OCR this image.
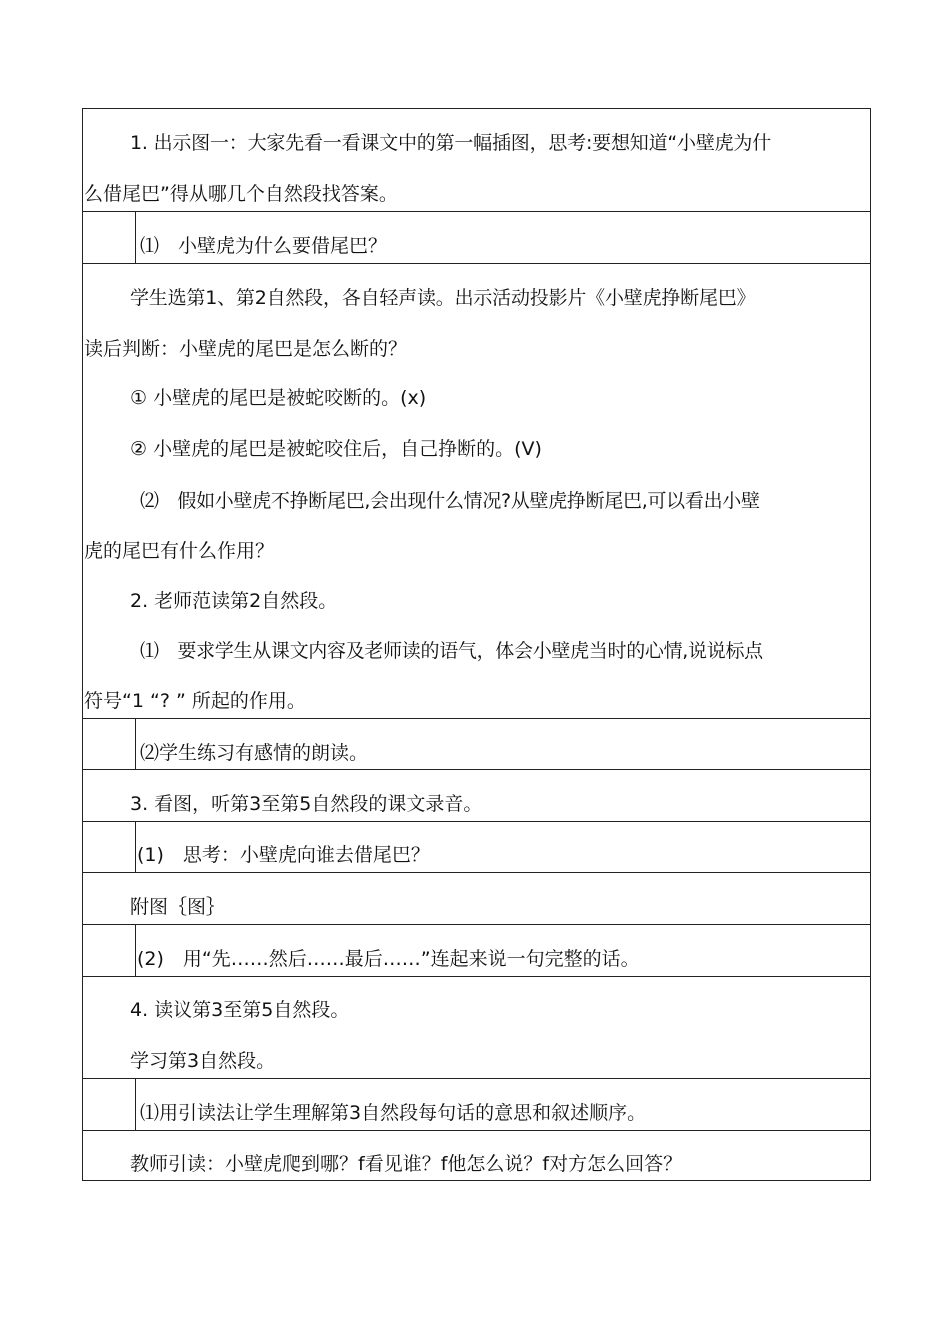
1. 出示图一：大家先看一看课文中的第一幅插图，思考:要想知道“小壁虎为什
么借尾巴”得从哪几个自然段找答案。
⑴　小壁虎为什么要借尾巴？
学生选第1、第2自然段，各自轻声读。出示活动投影片《小壁虎挣断尾巴》
读后判断：小壁虎的尾巴是怎么断的？
① 小壁虎的尾巴是被蛇咬断的。(x)
② 小壁虎的尾巴是被蛇咬住后，自己挣断的。(V)
⑵　假如小壁虎不挣断尾巴,会出现什么情况?从壁虎挣断尾巴,可以看出小壁
虎的尾巴有什么作用？
2. 老师范读第2自然段。
⑴　要求学生从课文内容及老师读的语气，体会小壁虎当时的心情,说说标点
符号“1 “? ” 所起的作用。
⑵学生练习有感情的朗读。
3. 看图，听第3至第5自然段的课文录音。
(1)　思考：小壁虎向谁去借尾巴？
附图｛图｝
(2)　用“先……然后……最后……”连起来说一句完整的话。
4. 读议第3至第5自然段。
学习第3自然段。
⑴用引读法让学生理解第3自然段每句话的意思和叙述顺序。
教师引读：小壁虎爬到哪？f看见谁？f他怎么说？f对方怎么回答？
